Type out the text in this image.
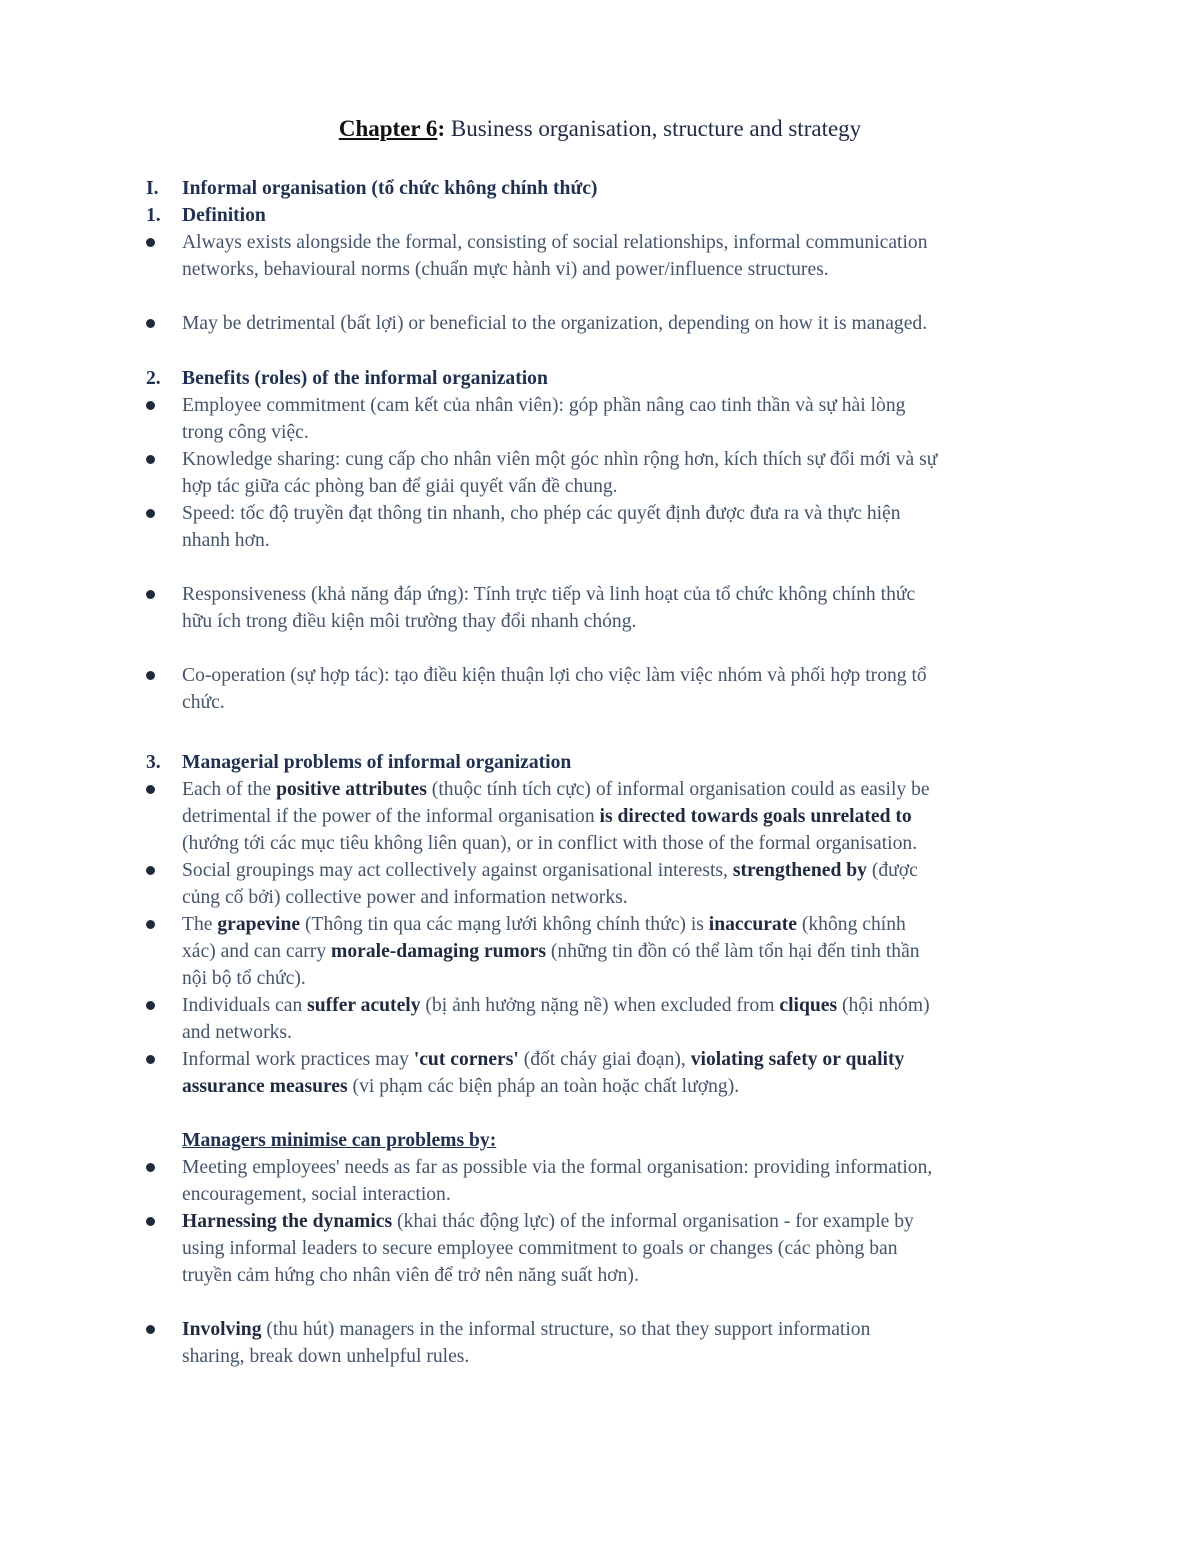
Chapter 6: Business organisation, structure and strategy
I. Informal organisation (tổ chức không chính thức)
1. Definition
Always exists alongside the formal, consisting of social relationships, informal communication
networks, behavioural norms (chuẩn mực hành vi) and power/influence structures.
May be detrimental (bất lợi) or beneficial to the organization, depending on how it is managed.
2. Benefits (roles) of the informal organization
Employee commitment (cam kết của nhân viên): góp phần nâng cao tinh thần và sự hài lòng
trong công việc.
Knowledge sharing: cung cấp cho nhân viên một góc nhìn rộng hơn, kích thích sự đổi mới và sự
hợp tác giữa các phòng ban để giải quyết vấn đề chung.
Speed: tốc độ truyền đạt thông tin nhanh, cho phép các quyết định được đưa ra và thực hiện
nhanh hơn.
Responsiveness (khả năng đáp ứng): Tính trực tiếp và linh hoạt của tổ chức không chính thức
hữu ích trong điều kiện môi trường thay đổi nhanh chóng.
Co-operation (sự hợp tác): tạo điều kiện thuận lợi cho việc làm việc nhóm và phối hợp trong tổ
chức.
3. Managerial problems of informal organization
Each of the positive attributes (thuộc tính tích cực) of informal organisation could as easily be
detrimental if the power of the informal organisation is directed towards goals unrelated to
(hướng tới các mục tiêu không liên quan), or in conflict with those of the formal organisation.
Social groupings may act collectively against organisational interests, strengthened by (được
củng cố bởi) collective power and information networks.
The grapevine (Thông tin qua các mạng lưới không chính thức) is inaccurate (không chính
xác) and can carry morale-damaging rumors (những tin đồn có thể làm tổn hại đến tinh thần
nội bộ tổ chức).
Individuals can suffer acutely (bị ảnh hưởng nặng nề) when excluded from cliques (hội nhóm)
and networks.
Informal work practices may 'cut corners' (đốt cháy giai đoạn), violating safety or quality
assurance measures (vi phạm các biện pháp an toàn hoặc chất lượng).
Managers minimise can problems by:
Meeting employees' needs as far as possible via the formal organisation: providing information,
encouragement, social interaction.
Harnessing the dynamics (khai thác động lực) of the informal organisation - for example by
using informal leaders to secure employee commitment to goals or changes (các phòng ban
truyền cảm hứng cho nhân viên để trở nên năng suất hơn).
Involving (thu hút) managers in the informal structure, so that they support information
sharing, break down unhelpful rules.
